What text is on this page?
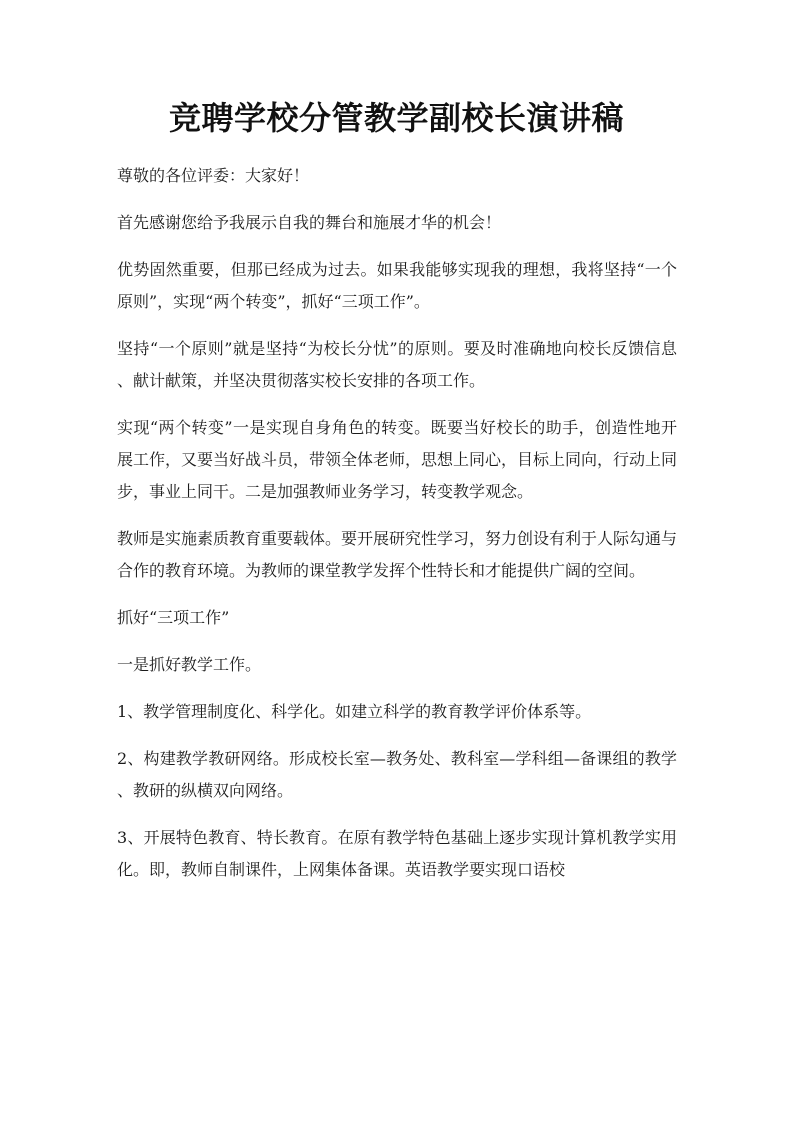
竞聘学校分管教学副校长演讲稿

尊敬的各位评委：大家好！

首先感谢您给予我展示自我的舞台和施展才华的机会！

优势固然重要，但那已经成为过去。如果我能够实现我的理想，我将坚持“一个原则”，实现“两个转变”，抓好“三项工作”。

坚持“一个原则”就是坚持“为校长分忧”的原则。要及时准确地向校长反馈信息、献计献策，并坚决贯彻落实校长安排的各项工作。

实现“两个转变”一是实现自身角色的转变。既要当好校长的助手，创造性地开展工作，又要当好战斗员，带领全体老师，思想上同心，目标上同向，行动上同步，事业上同干。二是加强教师业务学习，转变教学观念。

教师是实施素质教育重要载体。要开展研究性学习，努力创设有利于人际勾通与合作的教育环境。为教师的课堂教学发挥个性特长和才能提供广阔的空间。

抓好“三项工作”

一是抓好教学工作。

1、教学管理制度化、科学化。如建立科学的教育教学评价体系等。

2、构建教学教研网络。形成校长室—教务处、教科室—学科组—备课组的教学、教研的纵横双向网络。

3、开展特色教育、特长教育。在原有教学特色基础上逐步实现计算机教学实用化。即，教师自制课件，上网集体备课。英语教学要实现口语校
